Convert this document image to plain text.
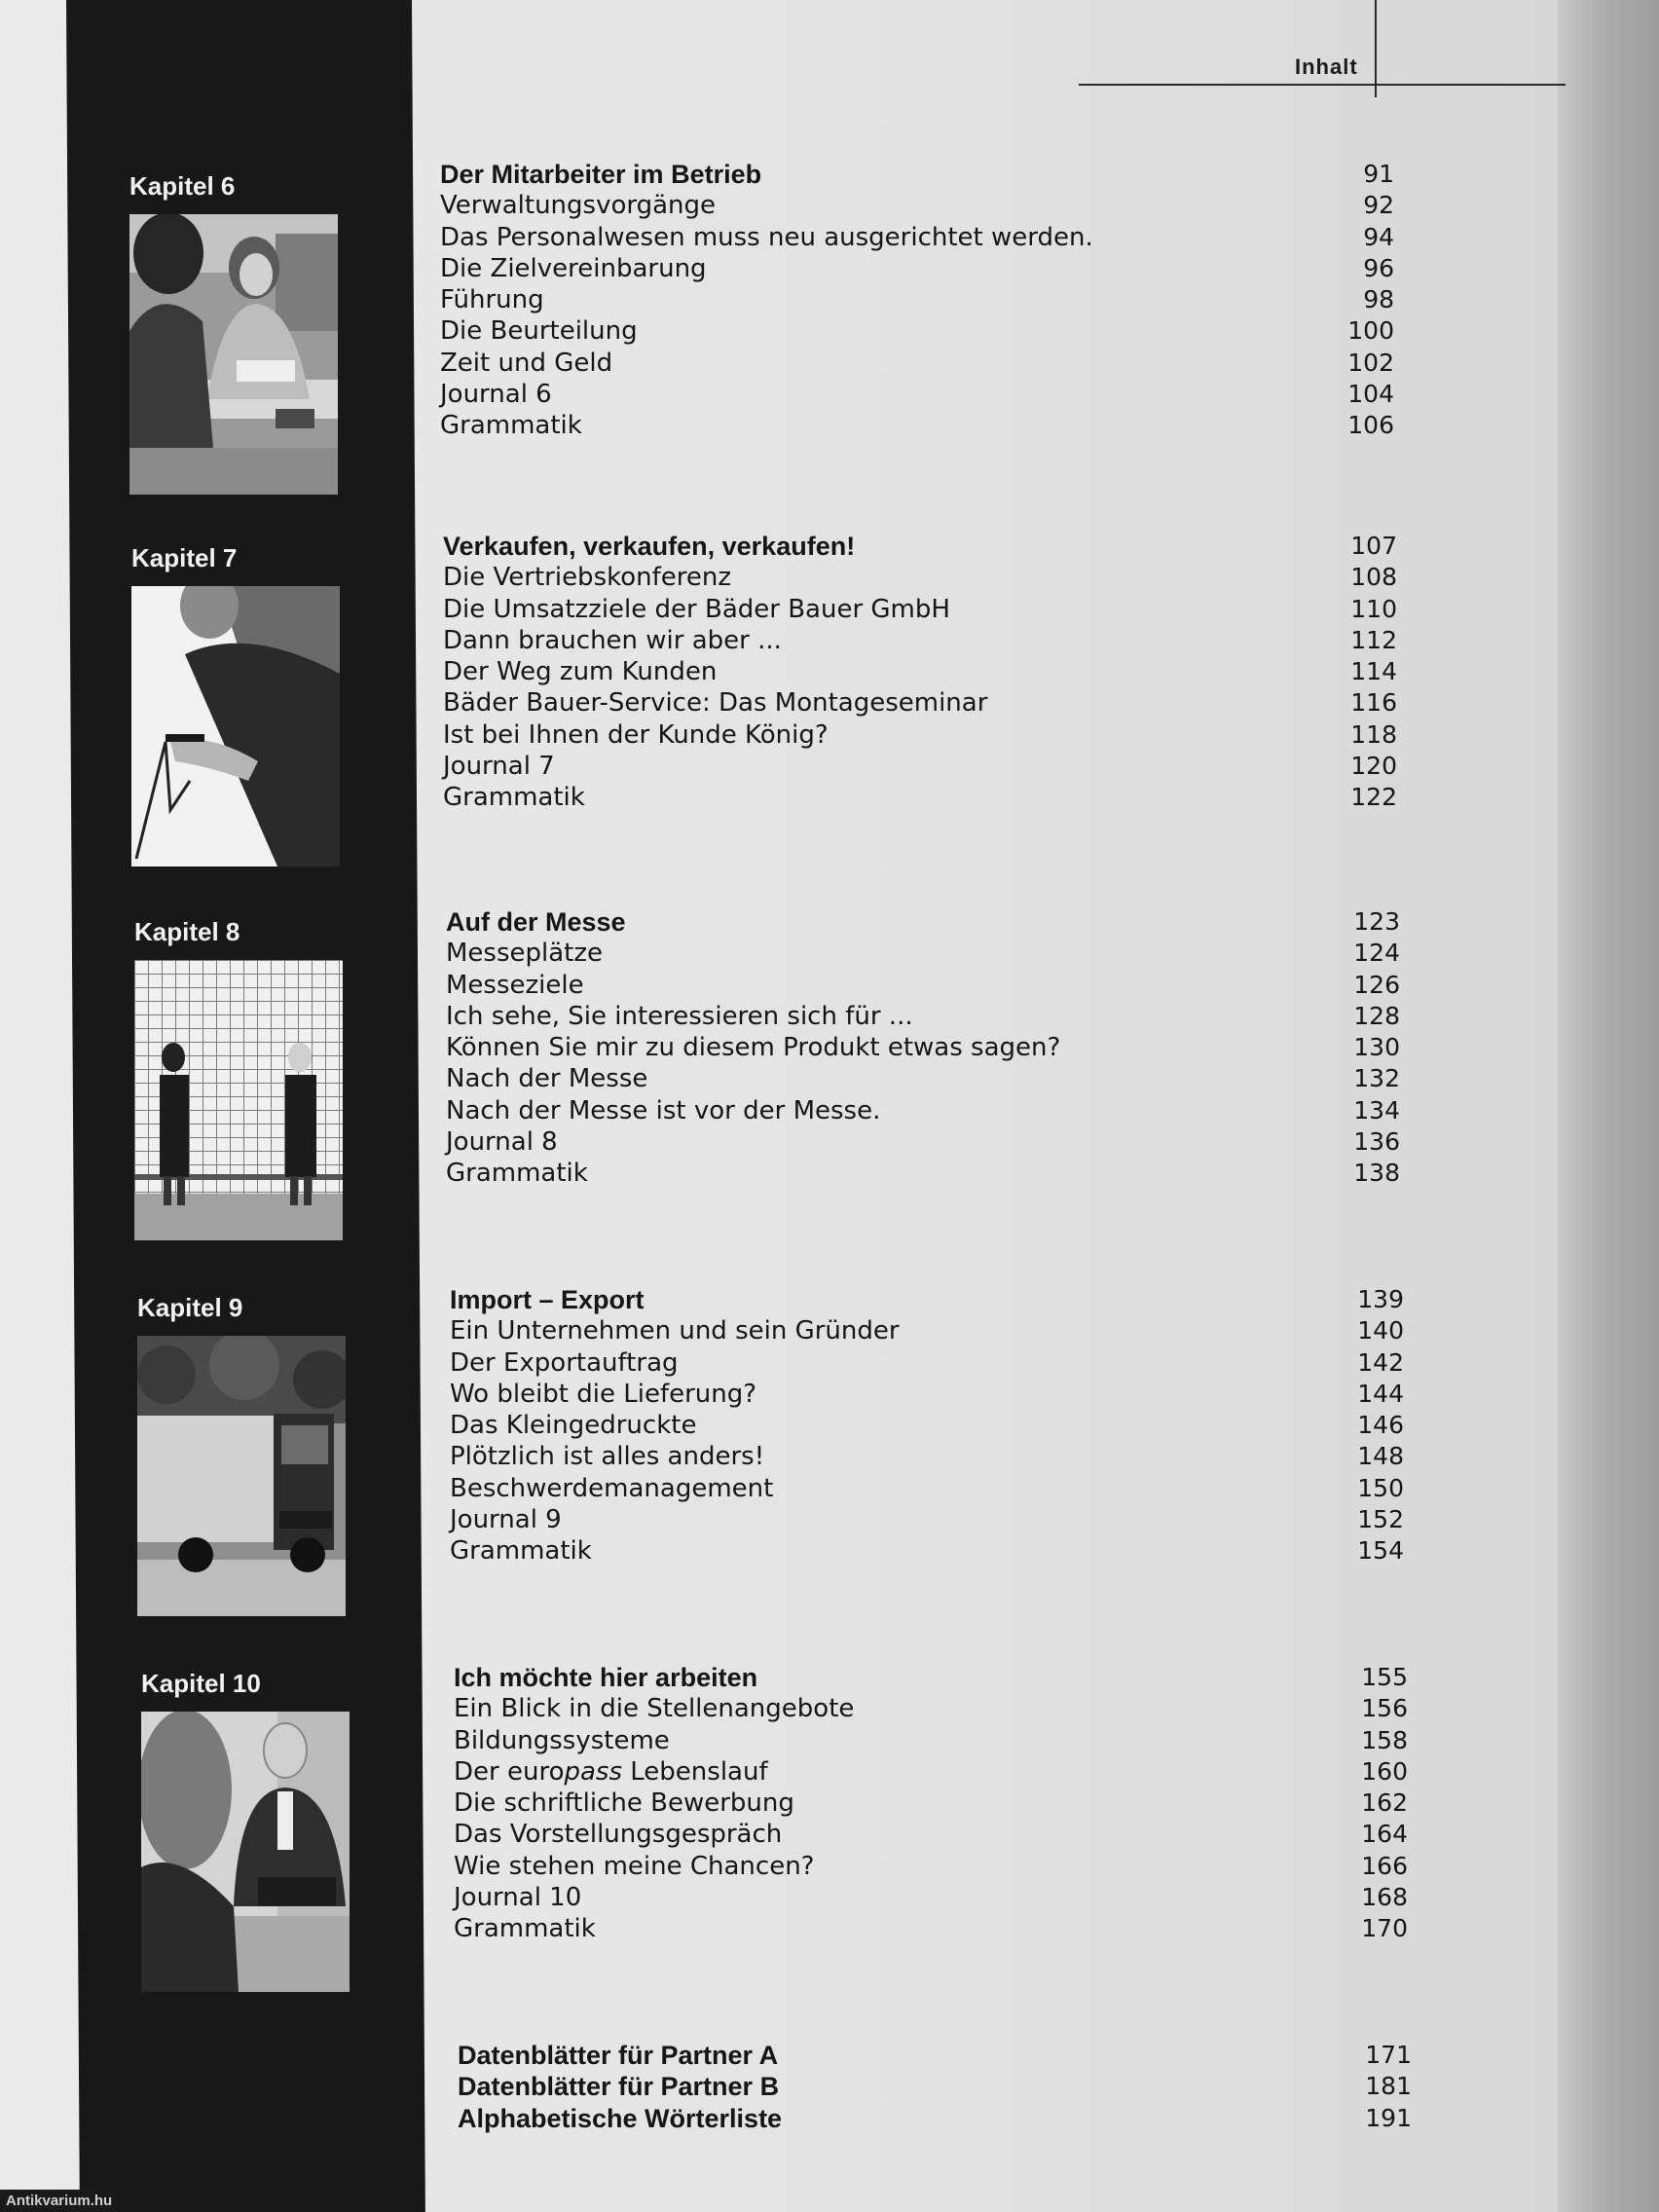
Inhalt
Kapitel 6	Der Mitarbeiter im Betrieb	91
Verwaltungsvorgänge	92
Das Personalwesen muss neu ausgerichtet werden.	94
Die Zielvereinbarung	96
Führung	98
Die Beurteilung	100
Zeit und Geld	102
Journal 6	104
Grammatik	106
Kapitel 7	Verkaufen, verkaufen, verkaufen!	107
Die Vertriebskonferenz	108
Die Umsatzziele der Bäder Bauer GmbH	110
Dann brauchen wir aber ...	112
Der Weg zum Kunden	114
Bäder Bauer-Service: Das Montageseminar	116
Ist bei Ihnen der Kunde König?	118
Journal 7	120
Grammatik	122
Kapitel 8	Auf der Messe	123
Messeplätze	124
Messeziele	126
Ich sehe, Sie interessieren sich für ...	128
Können Sie mir zu diesem Produkt etwas sagen?	130
Nach der Messe	132
Nach der Messe ist vor der Messe.	134
Journal 8	136
Grammatik	138
Kapitel 9	Import – Export	139
Ein Unternehmen und sein Gründer	140
Der Exportauftrag	142
Wo bleibt die Lieferung?	144
Das Kleingedruckte	146
Plötzlich ist alles anders!	148
Beschwerdemanagement	150
Journal 9	152
Grammatik	154
Kapitel 10	Ich möchte hier arbeiten	155
Ein Blick in die Stellenangebote	156
Bildungssysteme	158
Der europass Lebenslauf	160
Die schriftliche Bewerbung	162
Das Vorstellungsgespräch	164
Wie stehen meine Chancen?	166
Journal 10	168
Grammatik	170
Datenblätter für Partner A	171
Datenblätter für Partner B	181
Alphabetische Wörterliste	191
Antikvarium.hu
